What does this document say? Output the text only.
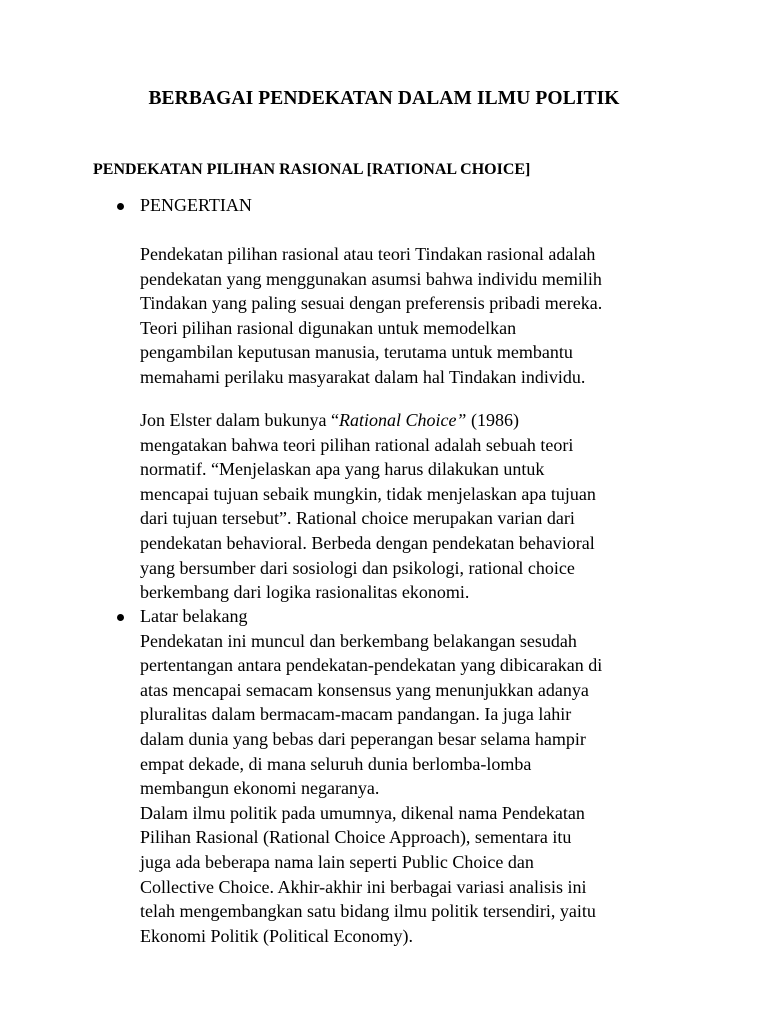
BERBAGAI PENDEKATAN DALAM ILMU POLITIK
PENDEKATAN PILIHAN RASIONAL [RATIONAL CHOICE]
PENGERTIAN
Pendekatan pilihan rasional atau teori Tindakan rasional adalah
pendekatan yang menggunakan asumsi bahwa individu memilih
Tindakan yang paling sesuai dengan preferensis pribadi mereka.
Teori pilihan rasional digunakan untuk memodelkan
pengambilan keputusan manusia, terutama untuk membantu
memahami perilaku masyarakat dalam hal Tindakan individu.
Jon Elster dalam bukunya “Rational Choice” (1986)
mengatakan bahwa teori pilihan rational adalah sebuah teori
normatif. “Menjelaskan apa yang harus dilakukan untuk
mencapai tujuan sebaik mungkin, tidak menjelaskan apa tujuan
dari tujuan tersebut”. Rational choice merupakan varian dari
pendekatan behavioral. Berbeda dengan pendekatan behavioral
yang bersumber dari sosiologi dan psikologi, rational choice
berkembang dari logika rasionalitas ekonomi.
Latar belakang
Pendekatan ini muncul dan berkembang belakangan sesudah
pertentangan antara pendekatan-pendekatan yang dibicarakan di
atas mencapai semacam konsensus yang menunjukkan adanya
pluralitas dalam bermacam-macam pandangan. Ia juga lahir
dalam dunia yang bebas dari peperangan besar selama hampir
empat dekade, di mana seluruh dunia berlomba-lomba
membangun ekonomi negaranya.
Dalam ilmu politik pada umumnya, dikenal nama Pendekatan
Pilihan Rasional (Rational Choice Approach), sementara itu
juga ada beberapa nama lain seperti Public Choice dan
Collective Choice. Akhir-akhir ini berbagai variasi analisis ini
telah mengembangkan satu bidang ilmu politik tersendiri, yaitu
Ekonomi Politik (Political Economy).
